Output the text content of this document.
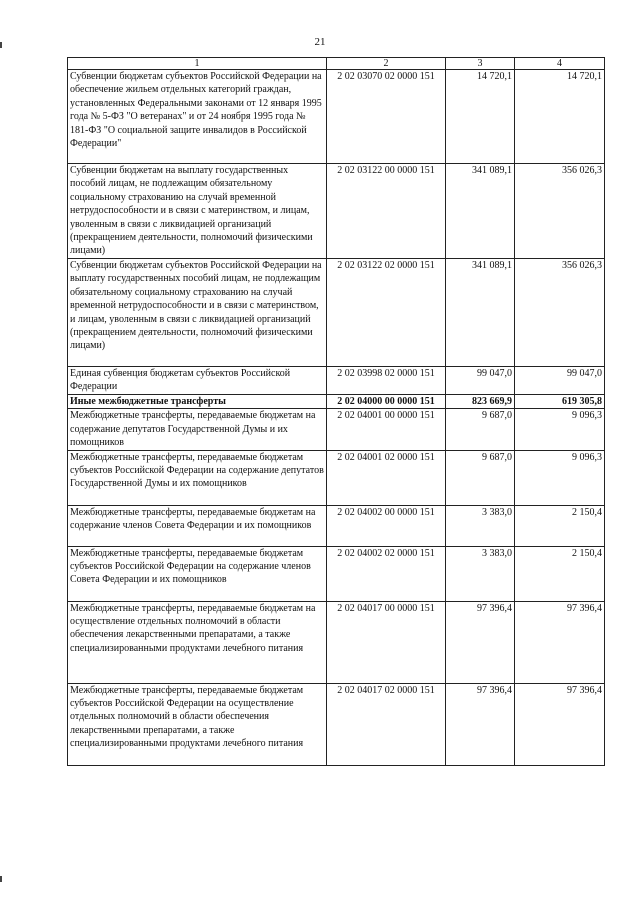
21
1	2	3	4
Субвенции бюджетам субъектов Российской Федерации на обеспечение жильем отдельных категорий граждан, установленных Федеральными законами от 12 января 1995 года № 5-ФЗ "О ветеранах" и от 24 ноября 1995 года № 181-ФЗ "О социальной защите инвалидов в Российской Федерации"	2 02 03070 02 0000 151	14 720,1	14 720,1
Субвенции бюджетам на выплату государственных пособий лицам, не подлежащим обязательному социальному страхованию на случай временной нетрудоспособности и в связи с материнством, и лицам, уволенным в связи с ликвидацией организаций (прекращением деятельности, полномочий физическими лицами)	2 02 03122 00 0000 151	341 089,1	356 026,3
Субвенции бюджетам субъектов Российской Федерации на выплату государственных пособий лицам, не подлежащим обязательному социальному страхованию на случай временной нетрудоспособности и в связи с материнством, и лицам, уволенным в связи с ликвидацией организаций (прекращением деятельности, полномочий физическими лицами)	2 02 03122 02 0000 151	341 089,1	356 026,3
Единая субвенция бюджетам субъектов Российской Федерации	2 02 03998 02 0000 151	99 047,0	99 047,0
Иные межбюджетные трансферты	2 02 04000 00 0000 151	823 669,9	619 305,8
Межбюджетные трансферты, передаваемые бюджетам на содержание депутатов Государственной Думы и их помощников	2 02 04001 00 0000 151	9 687,0	9 096,3
Межбюджетные трансферты, передаваемые бюджетам субъектов Российской Федерации на содержание депутатов Государственной Думы и их помощников	2 02 04001 02 0000 151	9 687,0	9 096,3
Межбюджетные трансферты, передаваемые бюджетам на содержание членов Совета Федерации и их помощников	2 02 04002 00 0000 151	3 383,0	2 150,4
Межбюджетные трансферты, передаваемые бюджетам субъектов Российской Федерации на содержание членов Совета Федерации и их помощников	2 02 04002 02 0000 151	3 383,0	2 150,4
Межбюджетные трансферты, передаваемые бюджетам на осуществление отдельных полномочий в области обеспечения лекарственными препаратами, а также специализированными продуктами лечебного питания	2 02 04017 00 0000 151	97 396,4	97 396,4
Межбюджетные трансферты, передаваемые бюджетам субъектов Российской Федерации на осуществление отдельных полномочий в области обеспечения лекарственными препаратами, а также специализированными продуктами лечебного питания	2 02 04017 02 0000 151	97 396,4	97 396,4
